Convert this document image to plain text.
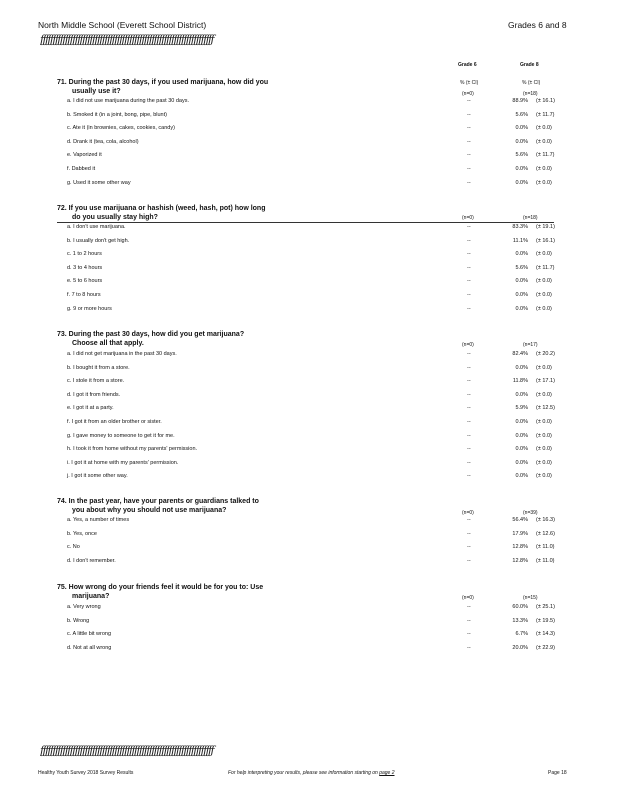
North Middle School (Everett School District)	Grades 6 and 8
ƒƒƒƒƒƒƒƒƒƒƒƒƒƒƒƒƒƒƒƒƒƒƒƒƒƒƒƒƒƒƒƒƒƒƒƒƒƒƒƒƒƒƒƒƒƒƒƒƒƒƒƒƒƒƒƒƒƒƒƒƒƒƒƒƒƒƒƒƒƒ
Grade 6	Grade 8
% (± CI)	% (± CI)
71. During the past 30 days, if you used marijuana, how did you
usually use it?	(n=0)	(n=18)
a. I did not use marijuana during the past 30 days.	--	88.9% (± 16.1)
b. Smoked it (in a joint, bong, pipe, blunt)	--	5.6% (± 11.7)
c. Ate it (in brownies, cakes, cookies, candy)	--	0.0% (± 0.0)
d. Drank it (tea, cola, alcohol)	--	0.0% (± 0.0)
e. Vaporized it	--	5.6% (± 11.7)
f. Dabbed it	--	0.0% (± 0.0)
g. Used it some other way	--	0.0% (± 0.0)
72. If you use marijuana or hashish (weed, hash, pot) how long
do you usually stay high?	(n=0)	(n=18)
a. I don't use marijuana.	--	83.3% (± 19.1)
b. I usually don't get high.	--	11.1% (± 16.1)
c. 1 to 2 hours	--	0.0% (± 0.0)
d. 3 to 4 hours	--	5.6% (± 11.7)
e. 5 to 6 hours	--	0.0% (± 0.0)
f. 7 to 8 hours	--	0.0% (± 0.0)
g. 9 or more hours	--	0.0% (± 0.0)
73. During the past 30 days, how did you get marijuana?
Choose all that apply.	(n=0)	(n=17)
a. I did not get marijuana in the past 30 days.	--	82.4% (± 20.2)
b. I bought it from a store.	--	0.0% (± 0.0)
c. I stole it from a store.	--	11.8% (± 17.1)
d. I got it from friends.	--	0.0% (± 0.0)
e. I got it at a party.	--	5.9% (± 12.5)
f. I got it from an older brother or sister.	--	0.0% (± 0.0)
g. I gave money to someone to get it for me.	--	0.0% (± 0.0)
h. I took it from home without my parents' permission.	--	0.0% (± 0.0)
i. I got it at home with my parents' permission.	--	0.0% (± 0.0)
j. I got it some other way.	--	0.0% (± 0.0)
74. In the past year, have your parents or guardians talked to
you about why you should not use marijuana?	(n=0)	(n=39)
a. Yes, a number of times	--	56.4% (± 16.3)
b. Yes, once	--	17.9% (± 12.6)
c. No	--	12.8% (± 11.0)
d. I don't remember.	--	12.8% (± 11.0)
75. How wrong do your friends feel it would be for you to: Use
marijuana?	(n=0)	(n=15)
a. Very wrong	--	60.0% (± 25.1)
b. Wrong	--	13.3% (± 19.5)
c. A little bit wrong	--	6.7% (± 14.3)
d. Not at all wrong	--	20.0% (± 22.9)
ƒƒƒƒƒƒƒƒƒƒƒƒƒƒƒƒƒƒƒƒƒƒƒƒƒƒƒƒƒƒƒƒƒƒƒƒƒƒƒƒƒƒƒƒƒƒƒƒƒƒƒƒƒƒƒƒƒƒƒƒƒƒƒƒƒƒƒƒƒƒ
Healthy Youth Survey 2018 Survey Results	For help interpreting your results, please see information starting on page 2	Page 18
